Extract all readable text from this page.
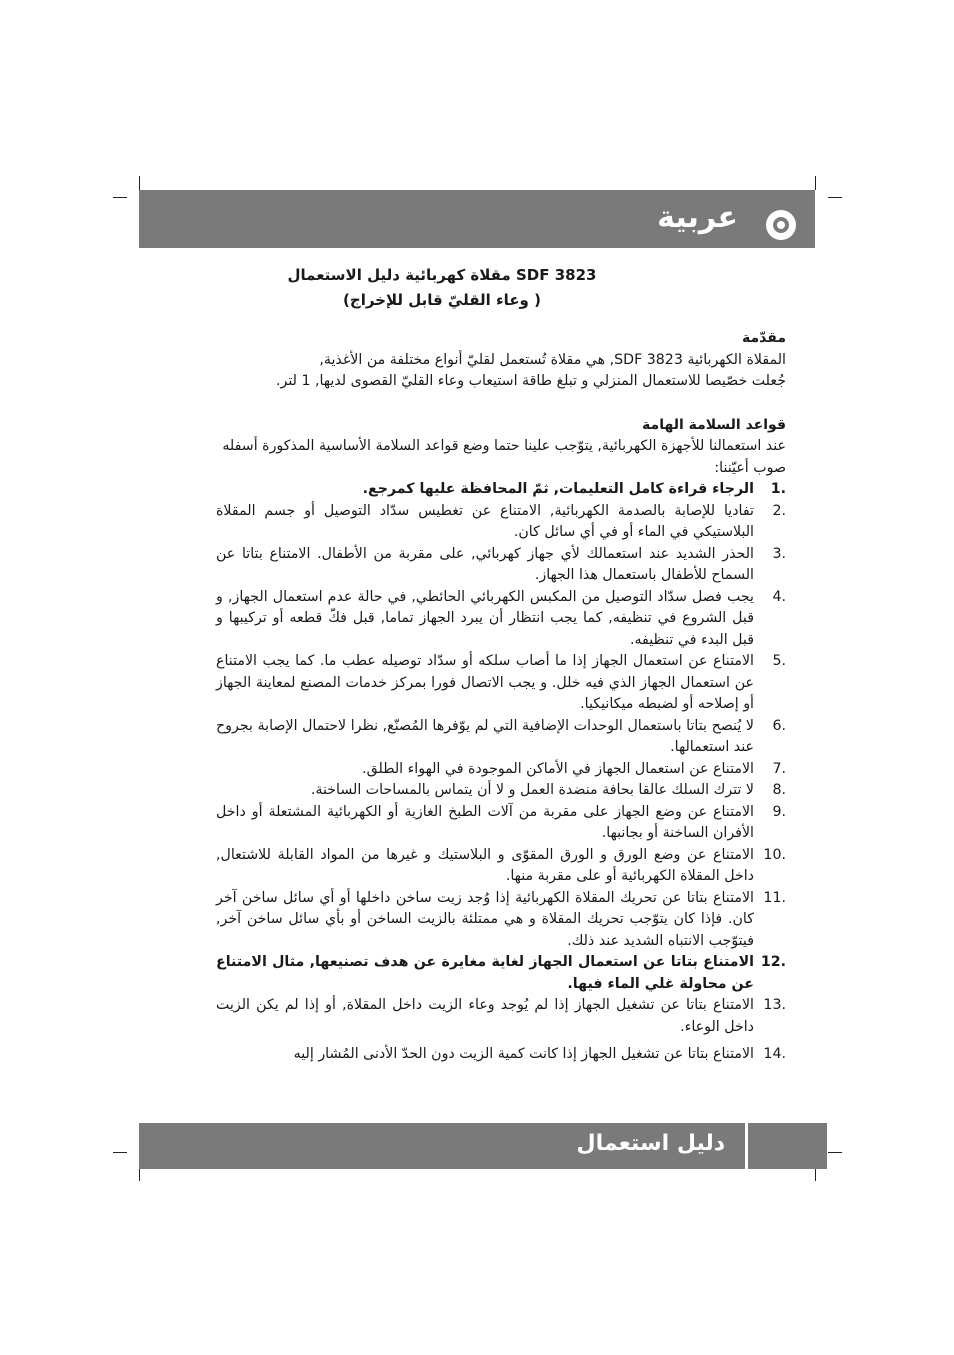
عربية
SDF 3823 مقلاة كهربائية دليل الاستعمال
( وعاء القليّ قابل للإخراج)

مقدّمة

المقلاة الكهربائية SDF 3823, هي مقلاة تُستعمل لقليّ أنواع مختلفة من الأغذية,

جُعلت خصّيصا للاستعمال المنزلي و تبلغ طاقة استيعاب وعاء القليّ القصوى لديها, 1 لتر.

قواعد السلامة الهامة

عند استعمالنا للأجهزة الكهربائية, يتوّجب علينا حتما وضع قواعد السلامة الأساسية المذكورة أسفله صوب أعيّننا:

1.
الرجاء قراءة كامل التعليمات, ثمّ المحافظة عليها كمرجع.
2.
تفاديا للإصابة بالصدمة الكهربائية, الامتناع عن تغطيس سدّاد التوصيل أو جسم المقلاة البلاستيكي في الماء أو في أي سائل كان.
3.
الحذر الشديد عند استعمالك لأي جهاز كهربائي, على مقربة من الأطفال. الامتناع بتاتا عن السماح للأطفال باستعمال هذا الجهاز.
4.
يجب فصل سدّاد التوصيل من المكبس الكهربائي الحائطي, في حالة عدم استعمال الجهاز, و قبل الشروع في تنظيفه, كما يجب انتظار أن يبرد الجهاز تماما, قبل فكّ قطعه أو تركيبها و قبل البدء في تنظيفه.
5.
الامتناع عن استعمال الجهاز إذا ما أصاب سلكه أو سدّاد توصيله عطب ما. كما يجب الامتناع عن استعمال الجهاز الذي فيه خلل. و يجب الاتصال فورا بمركز خدمات المصنع لمعاينة الجهاز أو إصلاحه أو لضبطه ميكانيكيا.
6.
لا يُنصح بتاتا باستعمال الوحدات الإضافية التي لم يوّفرها المُصنّع, نظرا لاحتمال الإصابة بجروح عند استعمالها.
7.
الامتناع عن استعمال الجهاز في الأماكن الموجودة في الهواء الطلق.
8.
لا تترك السلك عالقا بحافة منضدة العمل و لا أن يتماس بالمساحات الساخنة.
9.
الامتناع عن وضع الجهاز على مقربة من آلات الطبخ الغازية أو الكهربائية المشتعلة أو داخل الأفران الساخنة أو بجانبها.
10.
الامتناع عن وضع الورق و الورق المقوّى و البلاستيك و غيرها من المواد القابلة للاشتعال, داخل المقلاة الكهربائية أو على مقربة منها.
11.
الامتناع بتاتا عن تحريك المقلاة الكهربائية إذا وُجد زيت ساخن داخلها أو أي سائل ساخن آخر كان. فإذا كان يتوّجب تحريك المقلاة و هي ممتلئة بالزيت الساخن أو بأي سائل ساخن آخر, فيتوّجب الانتباه الشديد عند ذلك.
12.
الامتناع بتاتا عن استعمال الجهاز لغاية مغايرة عن هدف تصنيعها, مثال الامتناع عن محاولة غلي الماء فيها.
13.
الامتناع بتاتا عن تشغيل الجهاز إذا لم يُوجد وعاء الزيت داخل المقلاة, أو إذا لم يكن الزيت داخل الوعاء.
14.
الامتناع بتاتا عن تشغيل الجهاز إذا كانت كمية الزيت دون الحدّ الأدنى المُشار إليه
دليل استعمال
